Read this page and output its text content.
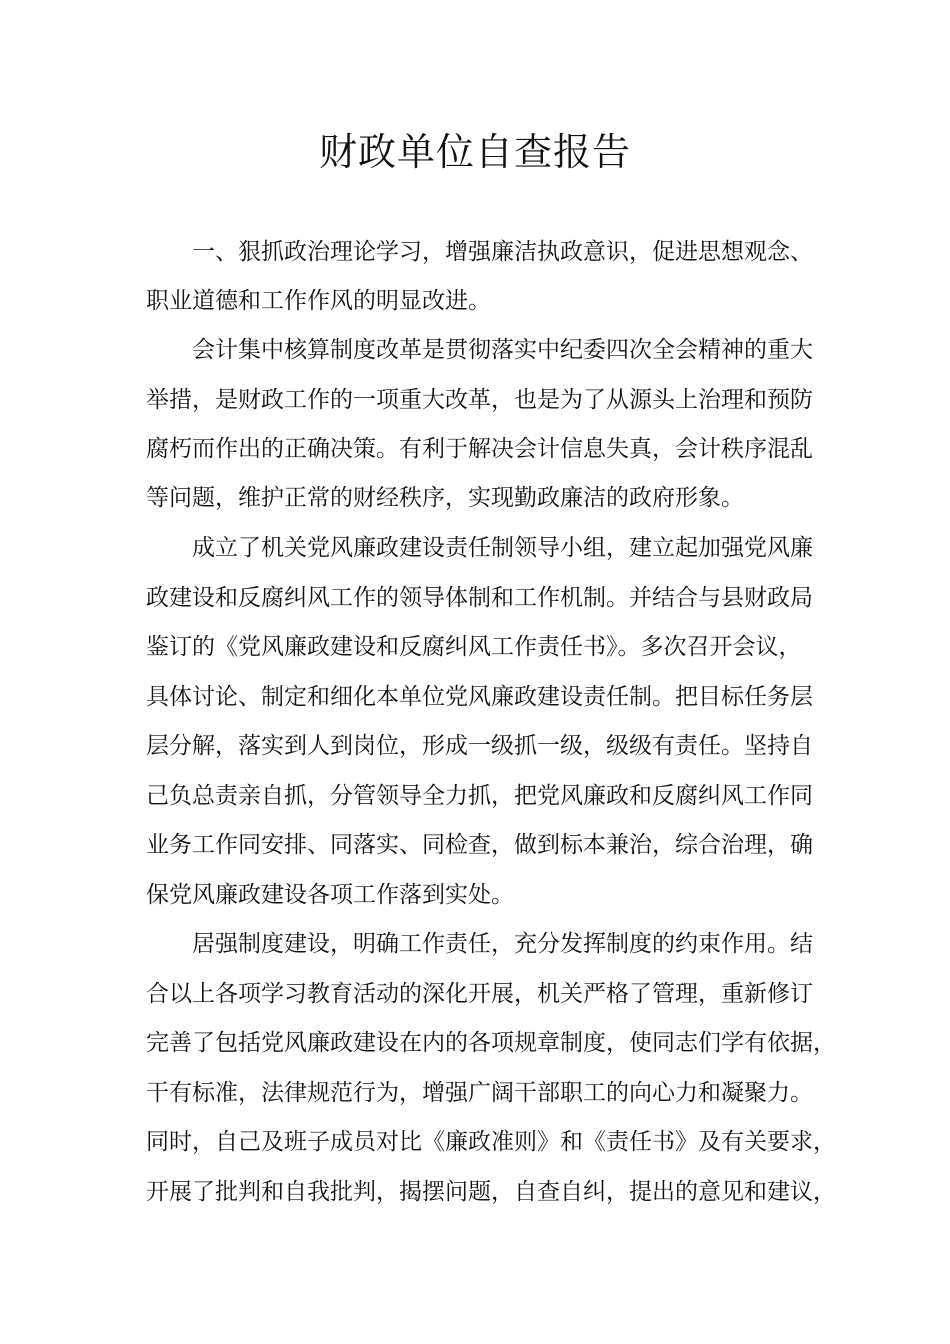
财政单位自查报告

一、狠抓政治理论学习，增强廉洁执政意识，促进思想观念、

职业道德和工作作风的明显改进。

会计集中核算制度改革是贯彻落实中纪委四次全会精神的重大

举措，是财政工作的一项重大改革，也是为了从源头上治理和预防

腐朽而作出的正确决策。有利于解决会计信息失真，会计秩序混乱

等问题，维护正常的财经秩序，实现勤政廉洁的政府形象。

成立了机关党风廉政建设责任制领导小组，建立起加强党风廉

政建设和反腐纠风工作的领导体制和工作机制。并结合与县财政局

鉴订的《党风廉政建设和反腐纠风工作责任书》。多次召开会议，

具体讨论、制定和细化本单位党风廉政建设责任制。把目标任务层

层分解，落实到人到岗位，形成一级抓一级，级级有责任。坚持自

己负总责亲自抓，分管领导全力抓，把党风廉政和反腐纠风工作同

业务工作同安排、同落实、同检查，做到标本兼治，综合治理，确

保党风廉政建设各项工作落到实处。

居强制度建设，明确工作责任，充分发挥制度的约束作用。结

合以上各项学习教育活动的深化开展，机关严格了管理，重新修订

完善了包括党风廉政建设在内的各项规章制度，使同志们学有依据，

干有标准，法律规范行为，增强广阔干部职工的向心力和凝聚力。

同时，自己及班子成员对比《廉政准则》和《责任书》及有关要求，

开展了批判和自我批判，揭摆问题，自查自纠，提出的意见和建议，
